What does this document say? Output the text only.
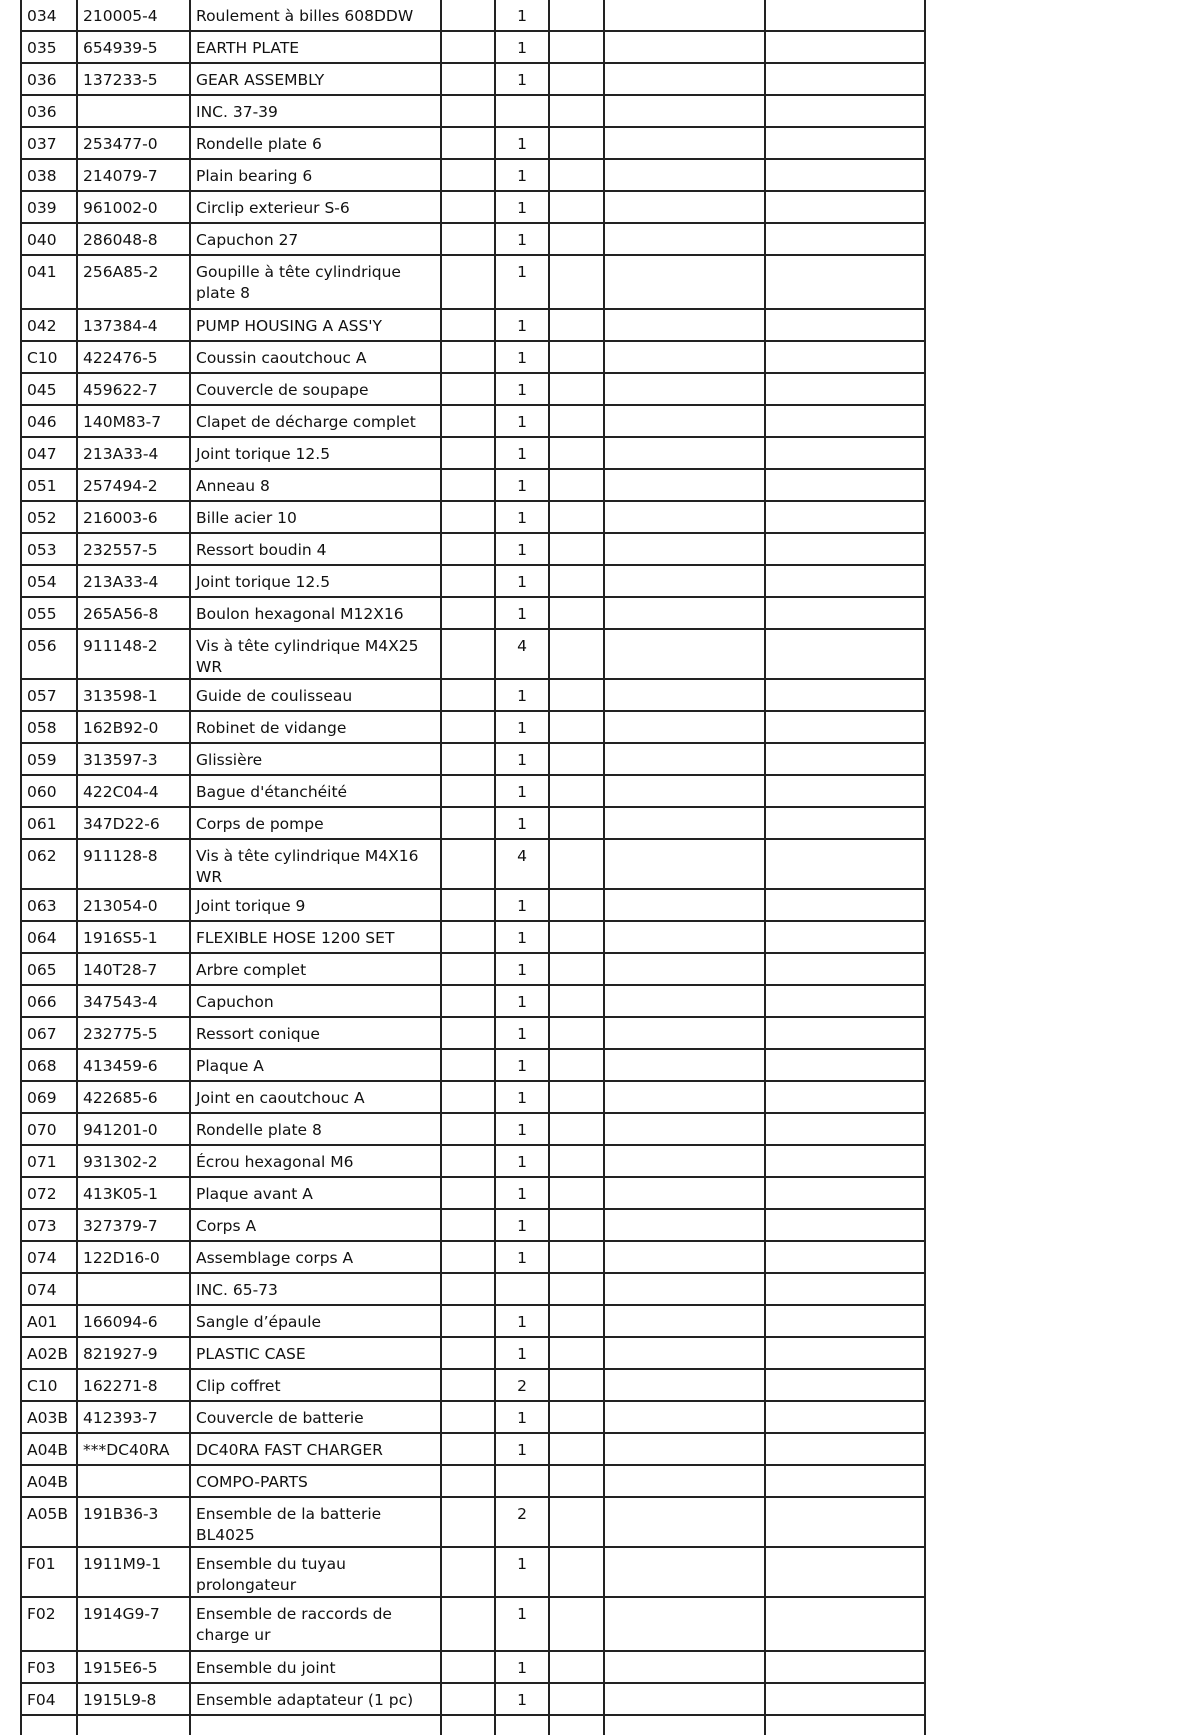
034	210005-4	Roulement à billes 608DDW		1			

035	654939-5	EARTH PLATE		1			

036	137233-5	GEAR ASSEMBLY		1			

036		INC. 37-39					

037	253477-0	Rondelle plate 6		1			

038	214079-7	Plain bearing 6		1			

039	961002-0	Circlip exterieur S-6		1			

040	286048-8	Capuchon 27		1			

041	256A85-2	Goupille à tête cylindrique plate 8		1			

042	137384-4	PUMP HOUSING A ASS'Y		1			

C10	422476-5	Coussin caoutchouc A		1			

045	459622-7	Couvercle de soupape		1			

046	140M83-7	Clapet de décharge complet		1			

047	213A33-4	Joint torique 12.5		1			

051	257494-2	Anneau 8		1			

052	216003-6	Bille acier 10		1			

053	232557-5	Ressort boudin 4		1			

054	213A33-4	Joint torique 12.5		1			

055	265A56-8	Boulon hexagonal M12X16		1			

056	911148-2	Vis à tête cylindrique M4X25 WR		4			

057	313598-1	Guide de coulisseau		1			

058	162B92-0	Robinet de vidange		1			

059	313597-3	Glissière		1			

060	422C04-4	Bague d'étanchéité		1			

061	347D22-6	Corps de pompe		1			

062	911128-8	Vis à tête cylindrique M4X16 WR		4			

063	213054-0	Joint torique 9		1			

064	1916S5-1	FLEXIBLE HOSE 1200 SET		1			

065	140T28-7	Arbre complet		1			

066	347543-4	Capuchon		1			

067	232775-5	Ressort conique		1			

068	413459-6	Plaque A		1			

069	422685-6	Joint en caoutchouc A		1			

070	941201-0	Rondelle plate 8		1			

071	931302-2	Écrou hexagonal M6		1			

072	413K05-1	Plaque avant A		1			

073	327379-7	Corps A		1			

074	122D16-0	Assemblage corps A		1			

074		INC. 65-73					

A01	166094-6	Sangle d’épaule		1			

A02B	821927-9	PLASTIC CASE		1			

C10	162271-8	Clip coffret		2			

A03B	412393-7	Couvercle de batterie		1			

A04B	***DC40RA	DC40RA FAST CHARGER		1			

A04B		COMPO-PARTS					

A05B	191B36-3	Ensemble de la batterie BL4025		2			

F01	1911M9-1	Ensemble du tuyau prolongateur		1			

F02	1914G9-7	Ensemble de raccords de charge ur		1			

F03	1915E6-5	Ensemble du joint		1			

F04	1915L9-8	Ensemble adaptateur (1 pc)		1			
